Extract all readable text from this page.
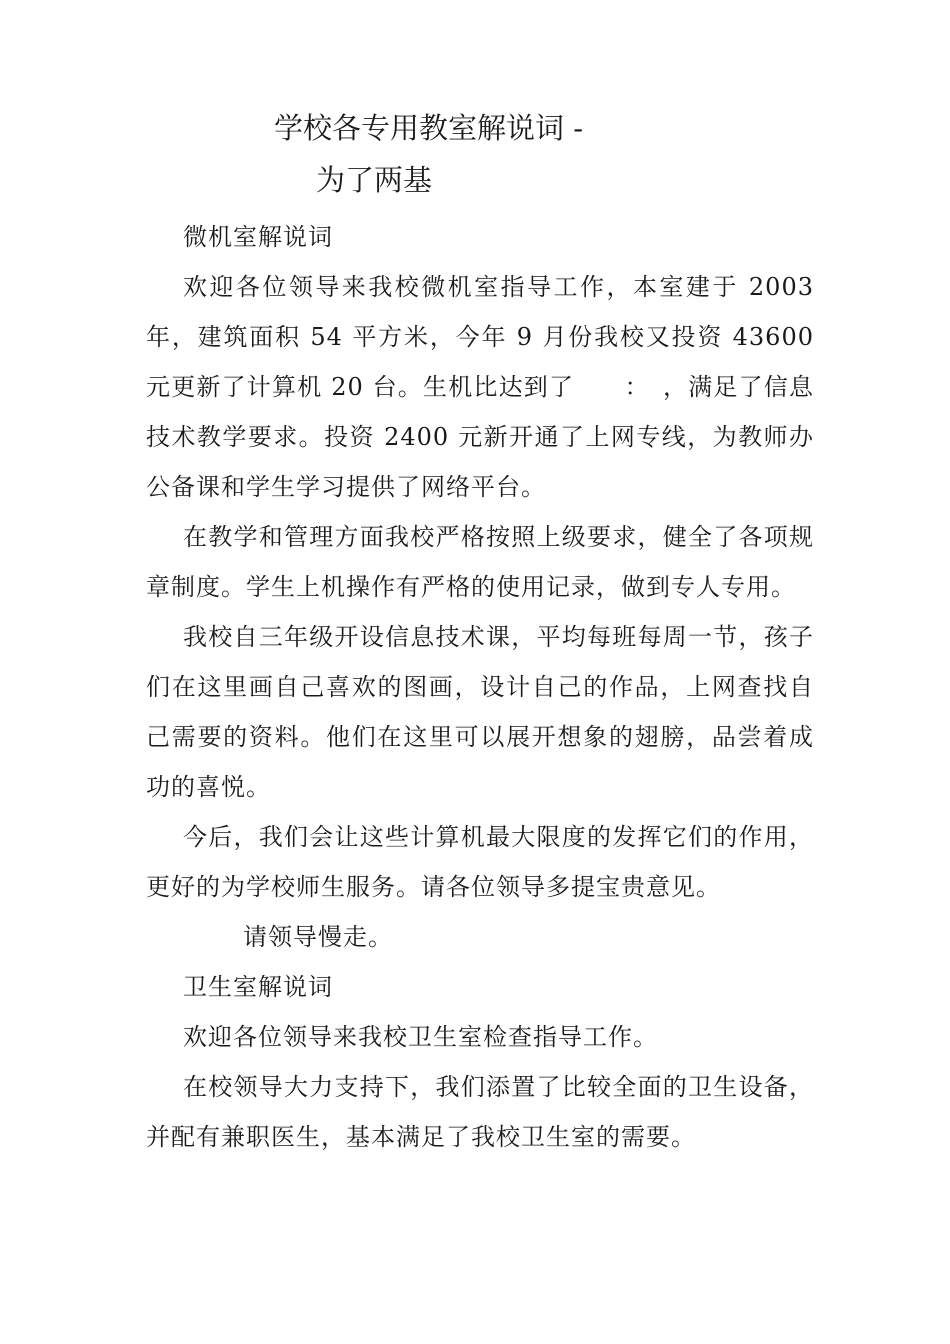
学校各专用教室解说词 -
为了两基

微机室解说词

欢迎各位领导来我校微机室指导工作，本室建于 2003 年，建筑面积 54 平方米，今年 9 月份我校又投资 43600 元更新了计算机 20 台。生机比达到了　　：　，满足了信息技术教学要求。投资 2400 元新开通了上网专线，为教师办公备课和学生学习提供了网络平台。

在教学和管理方面我校严格按照上级要求，健全了各项规章制度。学生上机操作有严格的使用记录，做到专人专用。

我校自三年级开设信息技术课，平均每班每周一节，孩子们在这里画自己喜欢的图画，设计自己的作品，上网查找自己需要的资料。他们在这里可以展开想象的翅膀，品尝着成功的喜悦。

今后，我们会让这些计算机最大限度的发挥它们的作用，更好的为学校师生服务。请各位领导多提宝贵意见。

请领导慢走。

卫生室解说词

欢迎各位领导来我校卫生室检查指导工作。

在校领导大力支持下，我们添置了比较全面的卫生设备，并配有兼职医生，基本满足了我校卫生室的需要。
